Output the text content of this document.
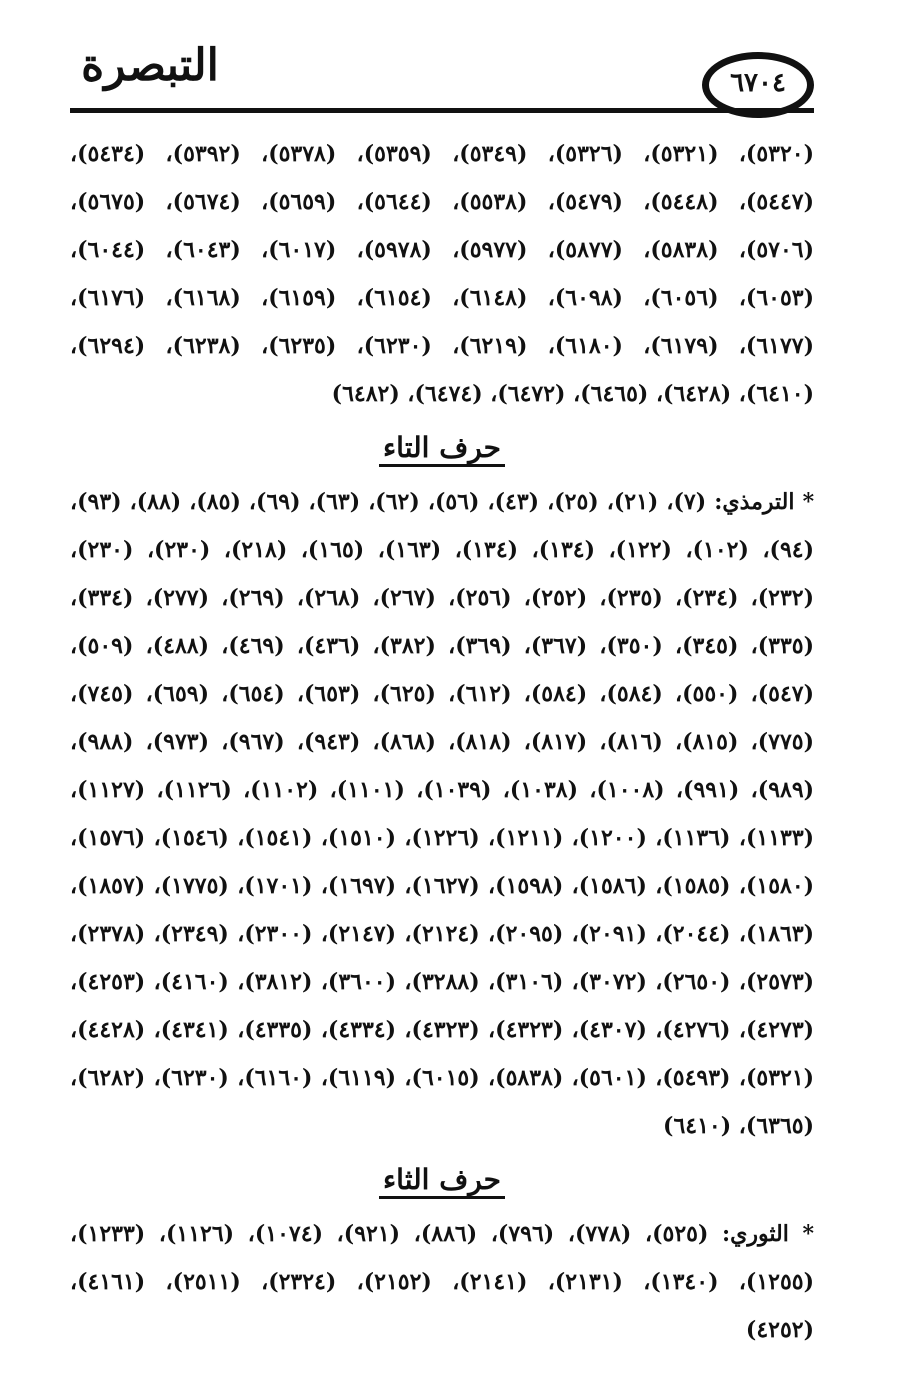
٦٧٠٤
التبصرة
(٥٣٢٠)، (٥٣٢١)، (٥٣٢٦)، (٥٣٤٩)، (٥٣٥٩)، (٥٣٧٨)، (٥٣٩٢)، (٥٤٣٤)،
(٥٤٤٧)، (٥٤٤٨)، (٥٤٧٩)، (٥٥٣٨)، (٥٦٤٤)، (٥٦٥٩)، (٥٦٧٤)، (٥٦٧٥)،
(٥٧٠٦)، (٥٨٣٨)، (٥٨٧٧)، (٥٩٧٧)، (٥٩٧٨)، (٦٠١٧)، (٦٠٤٣)، (٦٠٤٤)،
(٦٠٥٣)، (٦٠٥٦)، (٦٠٩٨)، (٦١٤٨)، (٦١٥٤)، (٦١٥٩)، (٦١٦٨)، (٦١٧٦)،
(٦١٧٧)، (٦١٧٩)، (٦١٨٠)، (٦٢١٩)، (٦٢٣٠)، (٦٢٣٥)، (٦٢٣٨)، (٦٢٩٤)،
(٦٤١٠)، (٦٤٢٨)، (٦٤٦٥)، (٦٤٧٢)، (٦٤٧٤)، (٦٤٨٢)
حرف التاء
* الترمذي: (٧)، (٢١)، (٢٥)، (٤٣)، (٥٦)، (٦٢)، (٦٣)، (٦٩)، (٨٥)، (٨٨)، (٩٣)،
(٩٤)، (١٠٢)، (١٢٢)، (١٣٤)، (١٣٤)، (١٦٣)، (١٦٥)، (٢١٨)، (٢٣٠)، (٢٣٠)،
(٢٣٢)، (٢٣٤)، (٢٣٥)، (٢٥٢)، (٢٥٦)، (٢٦٧)، (٢٦٨)، (٢٦٩)، (٢٧٧)، (٣٣٤)،
(٣٣٥)، (٣٤٥)، (٣٥٠)، (٣٦٧)، (٣٦٩)، (٣٨٢)، (٤٣٦)، (٤٦٩)، (٤٨٨)، (٥٠٩)،
(٥٤٧)، (٥٥٠)، (٥٨٤)، (٥٨٤)، (٦١٢)، (٦٢٥)، (٦٥٣)، (٦٥٤)، (٦٥٩)، (٧٤٥)،
(٧٧٥)، (٨١٥)، (٨١٦)، (٨١٧)، (٨١٨)، (٨٦٨)، (٩٤٣)، (٩٦٧)، (٩٧٣)، (٩٨٨)،
(٩٨٩)، (٩٩١)، (١٠٠٨)، (١٠٣٨)، (١٠٣٩)، (١١٠١)، (١١٠٢)، (١١٢٦)، (١١٢٧)،
(١١٣٣)، (١١٣٦)، (١٢٠٠)، (١٢١١)، (١٢٢٦)، (١٥١٠)، (١٥٤١)، (١٥٤٦)، (١٥٧٦)،
(١٥٨٠)، (١٥٨٥)، (١٥٨٦)، (١٥٩٨)، (١٦٢٧)، (١٦٩٧)، (١٧٠١)، (١٧٧٥)، (١٨٥٧)،
(١٨٦٣)، (٢٠٤٤)، (٢٠٩١)، (٢٠٩٥)، (٢١٢٤)، (٢١٤٧)، (٢٣٠٠)، (٢٣٤٩)، (٢٣٧٨)،
(٢٥٧٣)، (٢٦٥٠)، (٣٠٧٢)، (٣١٠٦)، (٣٢٨٨)، (٣٦٠٠)، (٣٨١٢)، (٤١٦٠)، (٤٢٥٣)،
(٤٢٧٣)، (٤٢٧٦)، (٤٣٠٧)، (٤٣٢٣)، (٤٣٢٣)، (٤٣٣٤)، (٤٣٣٥)، (٤٣٤١)، (٤٤٢٨)،
(٥٣٢١)، (٥٤٩٣)، (٥٦٠١)، (٥٨٣٨)، (٦٠١٥)، (٦١١٩)، (٦١٦٠)، (٦٢٣٠)، (٦٢٨٢)،
(٦٣٦٥)، (٦٤١٠)
حرف الثاء
* الثوري: (٥٢٥)، (٧٧٨)، (٧٩٦)، (٨٨٦)، (٩٢١)، (١٠٧٤)، (١١٢٦)، (١٢٣٣)،
(١٢٥٥)، (١٣٤٠)، (٢١٣١)، (٢١٤١)، (٢١٥٢)، (٢٣٢٤)، (٢٥١١)، (٤١٦١)،
(٤٢٥٢)
